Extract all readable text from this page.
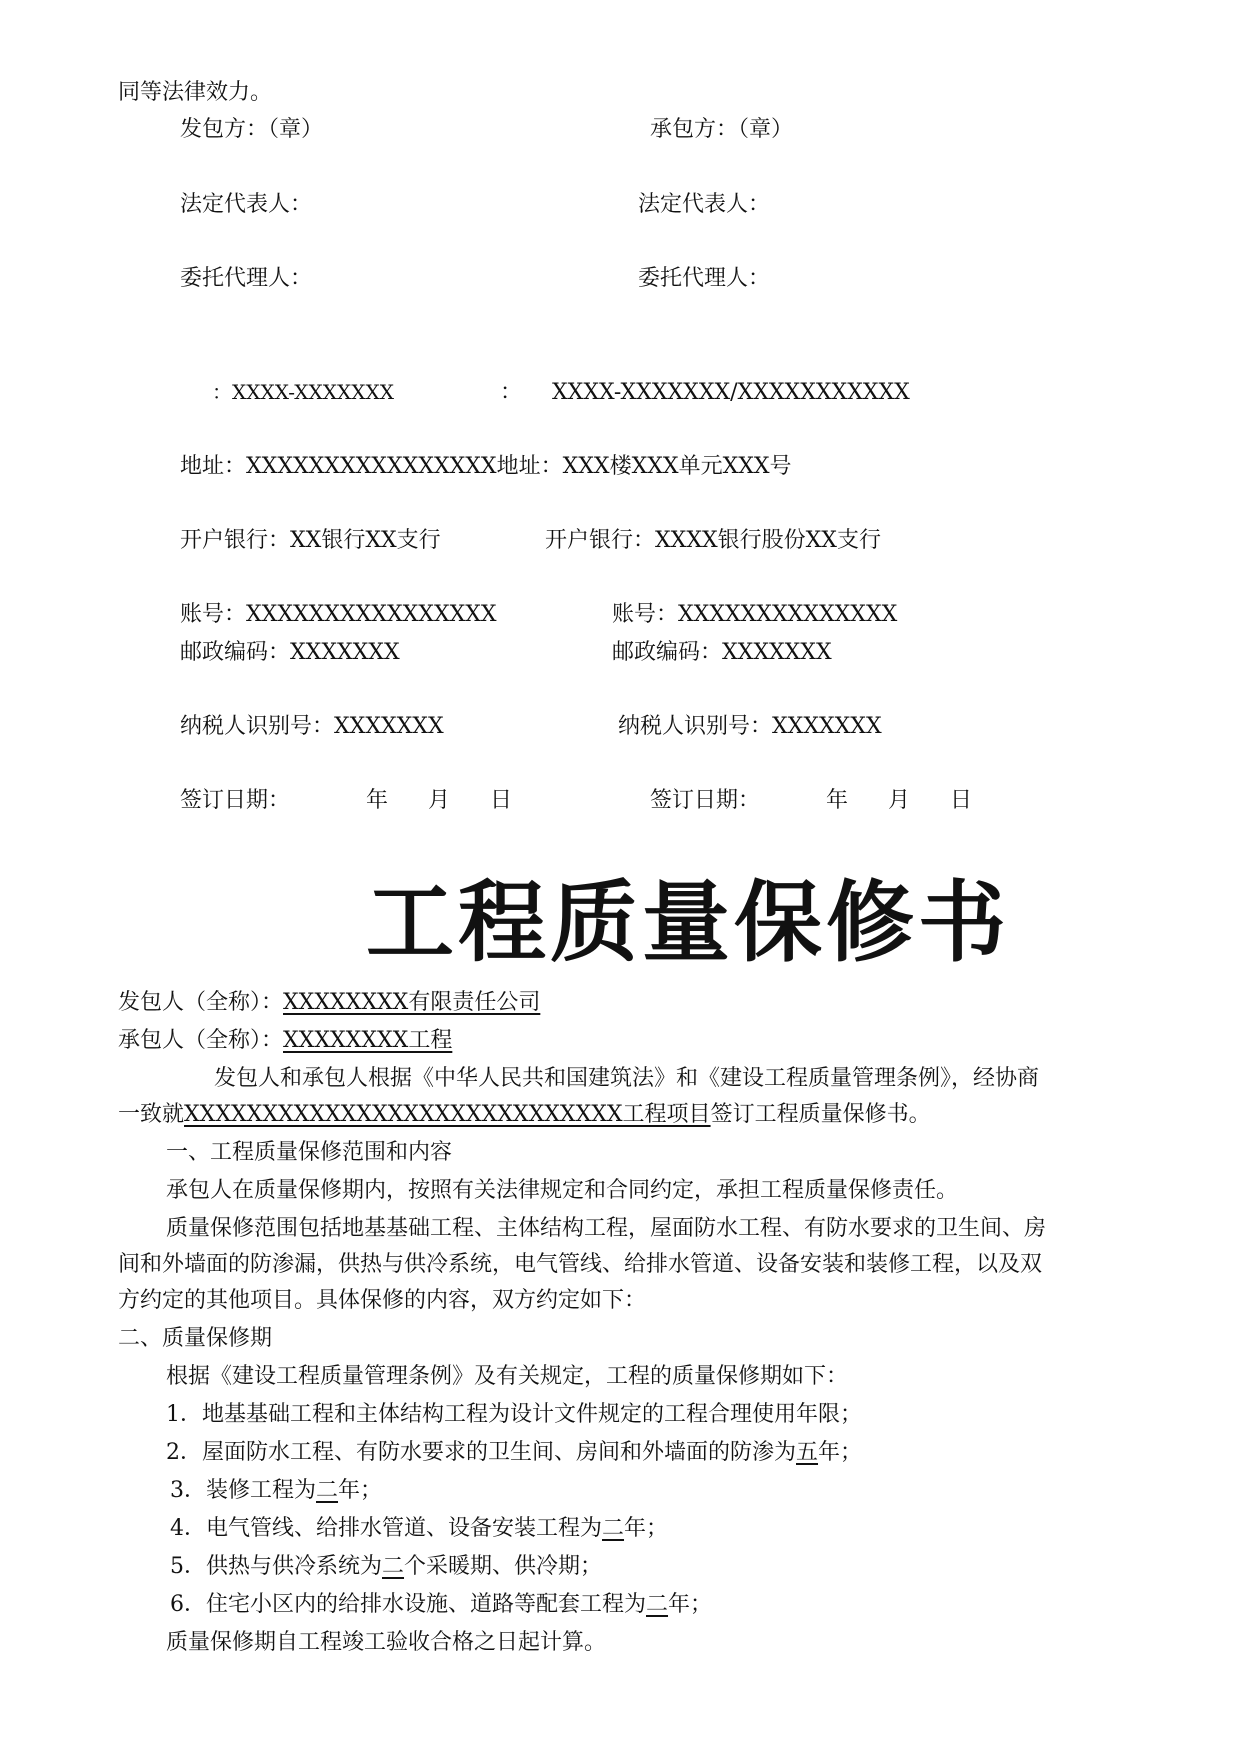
同等法律效力。
发包方：（章）	承包方：（章）
法定代表人：	法定代表人：
委托代理人：	委托代理人：
：XXXX-XXXXXXX	： XXXX-XXXXXXX/XXXXXXXXXXX
地址：XXXXXXXXXXXXXXXX地址：XXX楼XXX单元XXX号
开户银行：XX银行XX支行	开户银行：XXXX银行股份XX支行
账号：XXXXXXXXXXXXXXXX	账号：XXXXXXXXXXXXXX
邮政编码：XXXXXXX	邮政编码：XXXXXXX
纳税人识别号：XXXXXXX	纳税人识别号：XXXXXXX
签订日期：	年 月 日	签订日期：	年 月 日
工程质量保修书
发包人（全称）：XXXXXXXX有限责任公司
承包人（全称）：XXXXXXXX工程
发包人和承包人根据《中华人民共和国建筑法》和《建设工程质量管理条例》，经协商
一致就XXXXXXXXXXXXXXXXXXXXXXXXXXXX工程项目签订工程质量保修书。
一、工程质量保修范围和内容
承包人在质量保修期内，按照有关法律规定和合同约定，承担工程质量保修责任。
质量保修范围包括地基基础工程、主体结构工程，屋面防水工程、有防水要求的卫生间、房
间和外墙面的防渗漏，供热与供冷系统，电气管线、给排水管道、设备安装和装修工程，以及双
方约定的其他项目。具体保修的内容，双方约定如下：
二、质量保修期
根据《建设工程质量管理条例》及有关规定，工程的质量保修期如下：
1．地基基础工程和主体结构工程为设计文件规定的工程合理使用年限；
2．屋面防水工程、有防水要求的卫生间、房间和外墙面的防渗为五年；
3．装修工程为二年；
4．电气管线、给排水管道、设备安装工程为二年；
5．供热与供冷系统为二个采暖期、供冷期；
6．住宅小区内的给排水设施、道路等配套工程为二年；
质量保修期自工程竣工验收合格之日起计算。
